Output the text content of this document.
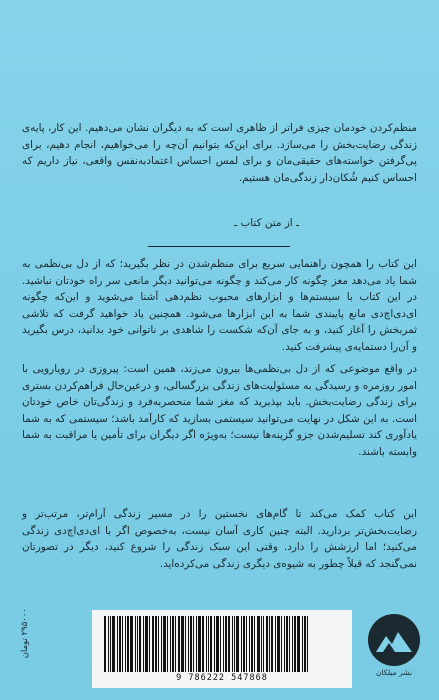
منظم‌کردن خودمان چیزی فراتر از ظاهری است که به دیگران نشان می‌دهیم. این کار، پایه‌ی زندگی رضایت‌بخش را می‌سازد. برای این‌که بتوانیم آن‌چه را می‌خواهیم، انجام دهیم، برای پی‌گرفتن خواسته‌های حقیقی‌مان و برای لمس احساس اعتمادبه‌نفس واقعی، نیاز داریم که احساس کنیم شُکان‌دار زندگی‌مان هستیم.

ـ از متن کتاب ـ

این کتاب را همچون راهنمایی سریع برای منظم‌شدن در نظر بگیرید؛ که از دل بی‌نظمی به شما یاد می‌دهد مغز چگونه کار می‌کند و چگونه می‌توانید دیگر مانعی سر راه خودتان نباشید. در این کتاب با سیستم‌ها و ابزارهای محبوب نظم‌دهی آشنا می‌شوید و این‌که چگونه ای‌دی‌اچ‌دی مانع پایبندی شما به این ابزارها می‌شود. همچنین یاد خواهید گرفت که تلاشی ثمربخش را آغاز کنید، و به جای آن‌که شکست را شاهدی بر ناتوانی خود بدانید، درس بگیرید و آن‌را دستمایه‌ی پیشرفت کنید.

در واقع موضوعی که از دل بی‌نظمی‌ها بیرون می‌زند، همین است: پیروزی در رویارویی با امور روزمره و رسیدگی به مسئولیت‌های زندگی بزرگسالی، و درعین‌حال فراهم‌کردن بستری برای زندگی رضایت‌بخش. باید بپذیرید که مغز شما منحصربه‌فرد و زندگی‌تان خاص خودتان است. به این شکل در نهایت می‌توانید سیستمی بسازید که کارآمد باشد؛ سیستمی که به شما یادآوری کند تسلیم‌شدن جزو گزینه‌ها نیست؛ به‌ویژه اگر دیگران برای تأمین یا مراقبت به شما وابسته باشند.

این کتاب کمک می‌کند تا گام‌های نخستین را در مسیر زندگی آرام‌تر، مرتب‌تر و رضایت‌بخش‌تر بردارید. البته چنین کاری آسان نیست، به‌خصوص اگر با ای‌دی‌اچ‌دی زندگی می‌کنید؛ اما ارزشش را دارد. وقتی این سبک زندگی را شروع کنید، دیگر در تصورتان نمی‌گنجد که قبلاً چطور به شیوه‌ی دیگری زندگی می‌کرده‌اید.

۲۹۵۰۰۰ تومان
9 786222 547868
نشر میلکان
